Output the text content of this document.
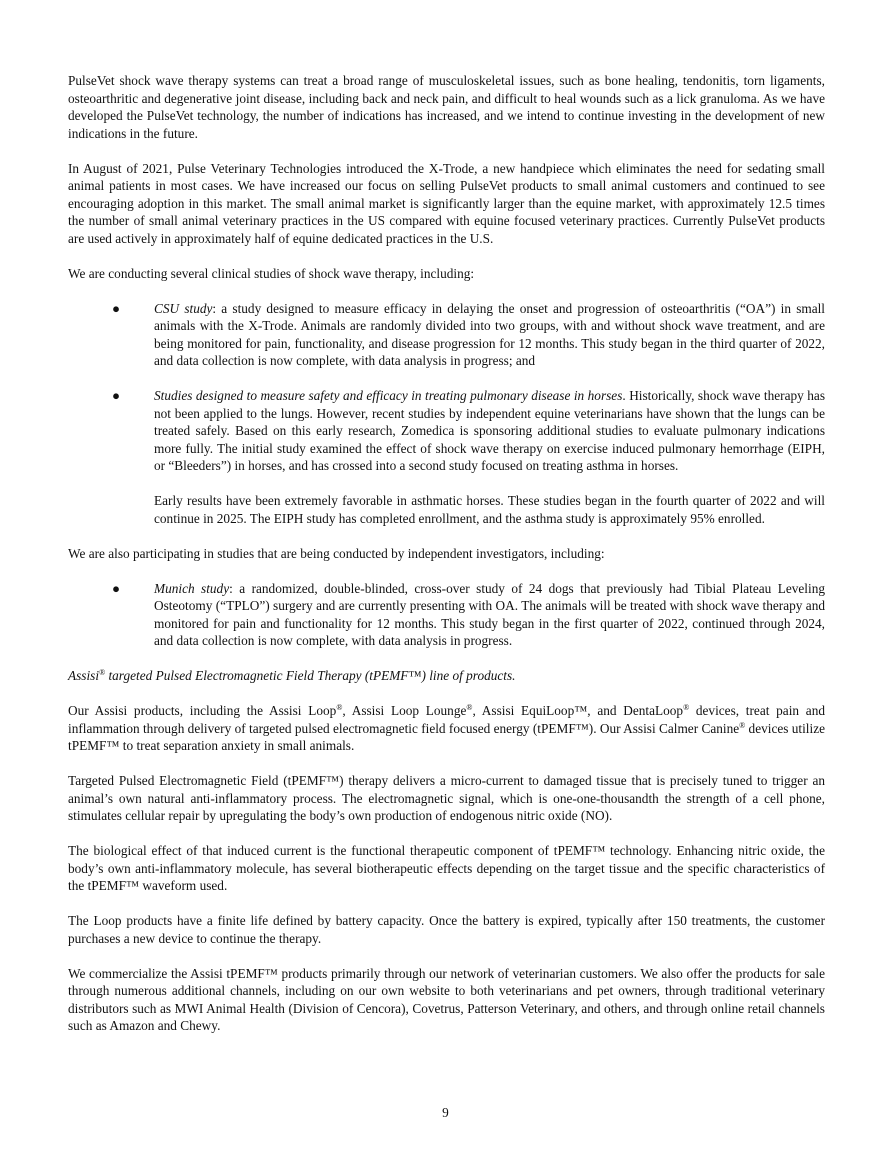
PulseVet shock wave therapy systems can treat a broad range of musculoskeletal issues, such as bone healing, tendonitis, torn ligaments, osteoarthritic and degenerative joint disease, including back and neck pain, and difficult to heal wounds such as a lick granuloma. As we have developed the PulseVet technology, the number of indications has increased, and we intend to continue investing in the development of new indications in the future.

In August of 2021, Pulse Veterinary Technologies introduced the X-Trode, a new handpiece which eliminates the need for sedating small animal patients in most cases. We have increased our focus on selling PulseVet products to small animal customers and continued to see encouraging adoption in this market. The small animal market is significantly larger than the equine market, with approximately 12.5 times the number of small animal veterinary practices in the US compared with equine focused veterinary practices. Currently PulseVet products are used actively in approximately half of equine dedicated practices in the U.S.

We are conducting several clinical studies of shock wave therapy, including:

●	CSU study: a study designed to measure efficacy in delaying the onset and progression of osteoarthritis (“OA”) in small animals with the X-Trode. Animals are randomly divided into two groups, with and without shock wave treatment, and are being monitored for pain, functionality, and disease progression for 12 months. This study began in the third quarter of 2022, and data collection is now complete, with data analysis in progress; and

●	Studies designed to measure safety and efficacy in treating pulmonary disease in horses. Historically, shock wave therapy has not been applied to the lungs. However, recent studies by independent equine veterinarians have shown that the lungs can be treated safely. Based on this early research, Zomedica is sponsoring additional studies to evaluate pulmonary indications more fully. The initial study examined the effect of shock wave therapy on exercise induced pulmonary hemorrhage (EIPH, or “Bleeders”) in horses, and has crossed into a second study focused on treating asthma in horses.

Early results have been extremely favorable in asthmatic horses. These studies began in the fourth quarter of 2022 and will continue in 2025. The EIPH study has completed enrollment, and the asthma study is approximately 95% enrolled.

We are also participating in studies that are being conducted by independent investigators, including:

●	Munich study: a randomized, double-blinded, cross-over study of 24 dogs that previously had Tibial Plateau Leveling Osteotomy (“TPLO”) surgery and are currently presenting with OA. The animals will be treated with shock wave therapy and monitored for pain and functionality for 12 months. This study began in the first quarter of 2022, continued through 2024, and data collection is now complete, with data analysis in progress.

Assisi® targeted Pulsed Electromagnetic Field Therapy (tPEMF™) line of products.

Our Assisi products, including the Assisi Loop®, Assisi Loop Lounge®, Assisi EquiLoop™, and DentaLoop® devices, treat pain and inflammation through delivery of targeted pulsed electromagnetic field focused energy (tPEMF™). Our Assisi Calmer Canine® devices utilize tPEMF™ to treat separation anxiety in small animals.

Targeted Pulsed Electromagnetic Field (tPEMF™) therapy delivers a micro-current to damaged tissue that is precisely tuned to trigger an animal’s own natural anti-inflammatory process. The electromagnetic signal, which is one-one-thousandth the strength of a cell phone, stimulates cellular repair by upregulating the body’s own production of endogenous nitric oxide (NO).

The biological effect of that induced current is the functional therapeutic component of tPEMF™ technology. Enhancing nitric oxide, the body’s own anti-inflammatory molecule, has several biotherapeutic effects depending on the target tissue and the specific characteristics of the tPEMF™ waveform used.

The Loop products have a finite life defined by battery capacity. Once the battery is expired, typically after 150 treatments, the customer purchases a new device to continue the therapy.

We commercialize the Assisi tPEMF™ products primarily through our network of veterinarian customers. We also offer the products for sale through numerous additional channels, including on our own website to both veterinarians and pet owners, through traditional veterinary distributors such as MWI Animal Health (Division of Cencora), Covetrus, Patterson Veterinary, and others, and through online retail channels such as Amazon and Chewy.

9
